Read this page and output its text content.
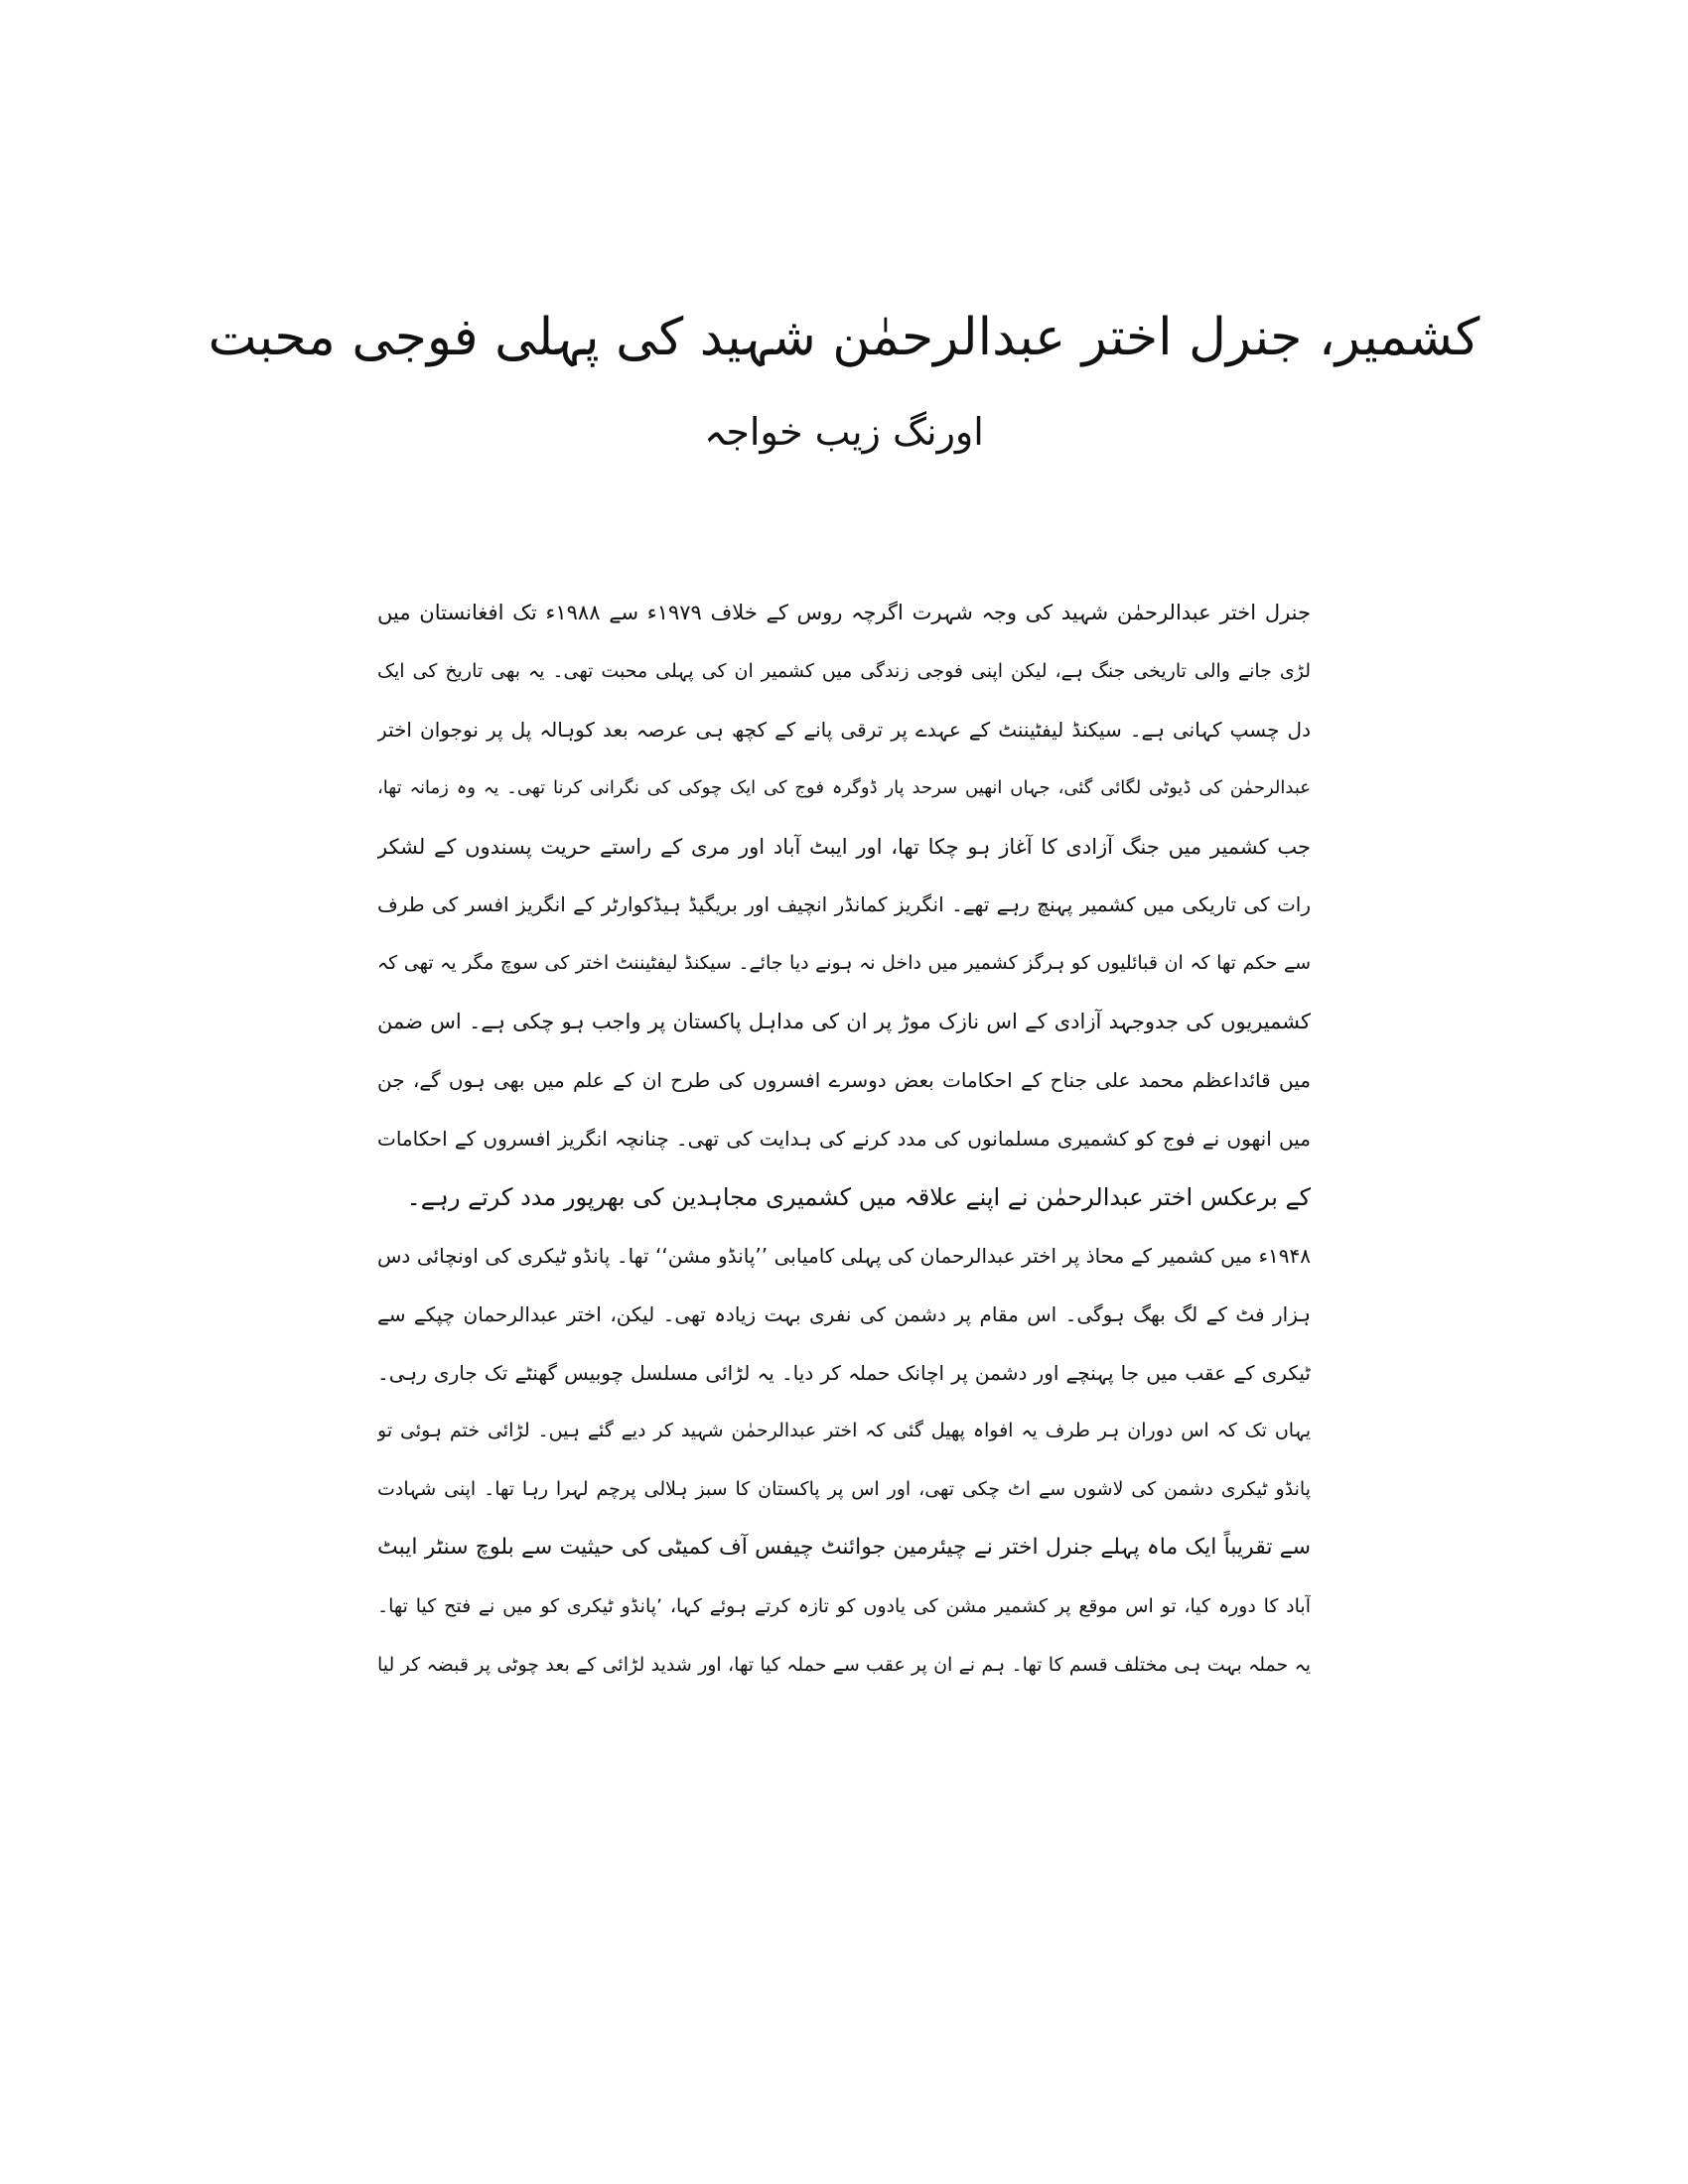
کشمیر، جنرل اختر عبدالرحمٰن شہید کی پہلی فوجی محبت
اورنگ زیب خواجہ
جنرل اختر عبدالرحمٰن شہید کی وجہ شہرت اگرچہ روس کے خلاف ۱۹۷۹ء سے ۱۹۸۸ء تک افغانستان میں
لڑی جانے والی تاریخی جنگ ہے، لیکن اپنی فوجی زندگی میں کشمیر ان کی پہلی محبت تھی۔ یہ بھی تاریخ کی ایک
دل چسپ کہانی ہے۔ سیکنڈ لیفٹیننٹ کے عہدے پر ترقی پانے کے کچھ ہی عرصہ بعد کوہالہ پل پر نوجوان اختر
عبدالرحمٰن کی ڈیوٹی لگائی گئی، جہاں انھیں سرحد پار ڈوگرہ فوج کی ایک چوکی کی نگرانی کرنا تھی۔ یہ وہ زمانہ تھا،
جب کشمیر میں جنگ آزادی کا آغاز ہو چکا تھا، اور ایبٹ آباد اور مری کے راستے حریت پسندوں کے لشکر
رات کی تاریکی میں کشمیر پہنچ رہے تھے۔ انگریز کمانڈر انچیف اور بریگیڈ ہیڈکوارٹر کے انگریز افسر کی طرف
سے حکم تھا کہ ان قبائلیوں کو ہرگز کشمیر میں داخل نہ ہونے دیا جائے۔ سیکنڈ لیفٹیننٹ اختر کی سوچ مگر یہ تھی کہ
کشمیریوں کی جدوجہد آزادی کے اس نازک موڑ پر ان کی مداہل پاکستان پر واجب ہو چکی ہے۔ اس ضمن
میں قائداعظم محمد علی جناح کے احکامات بعض دوسرے افسروں کی طرح ان کے علم میں بھی ہوں گے، جن
میں انھوں نے فوج کو کشمیری مسلمانوں کی مدد کرنے کی ہدایت کی تھی۔ چنانچہ انگریز افسروں کے احکامات
کے برعکس اختر عبدالرحمٰن نے اپنے علاقہ میں کشمیری مجاہدین کی بھرپور مدد کرتے رہے۔
۱۹۴۸ء میں کشمیر کے محاذ پر اختر عبدالرحمان کی پہلی کامیابی ’’پانڈو مشن‘‘ تھا۔ پانڈو ٹیکری کی اونچائی دس
ہزار فٹ کے لگ بھگ ہوگی۔ اس مقام پر دشمن کی نفری بہت زیادہ تھی۔ لیکن، اختر عبدالرحمان چپکے سے
ٹیکری کے عقب میں جا پہنچے اور دشمن پر اچانک حملہ کر دیا۔ یہ لڑائی مسلسل چوبیس گھنٹے تک جاری رہی۔
یہاں تک کہ اس دوران ہر طرف یہ افواہ پھیل گئی کہ اختر عبدالرحمٰن شہید کر دیے گئے ہیں۔ لڑائی ختم ہوئی تو
پانڈو ٹیکری دشمن کی لاشوں سے اٹ چکی تھی، اور اس پر پاکستان کا سبز ہلالی پرچم لہرا رہا تھا۔ اپنی شہادت
سے تقریباً ایک ماہ پہلے جنرل اختر نے چیئرمین جوائنٹ چیفس آف کمیٹی کی حیثیت سے بلوچ سنٹر ایبٹ
آباد کا دورہ کیا، تو اس موقع پر کشمیر مشن کی یادوں کو تازہ کرتے ہوئے کہا، ’پانڈو ٹیکری کو میں نے فتح کیا تھا۔
یہ حملہ بہت ہی مختلف قسم کا تھا۔ ہم نے ان پر عقب سے حملہ کیا تھا، اور شدید لڑائی کے بعد چوٹی پر قبضہ کر لیا
